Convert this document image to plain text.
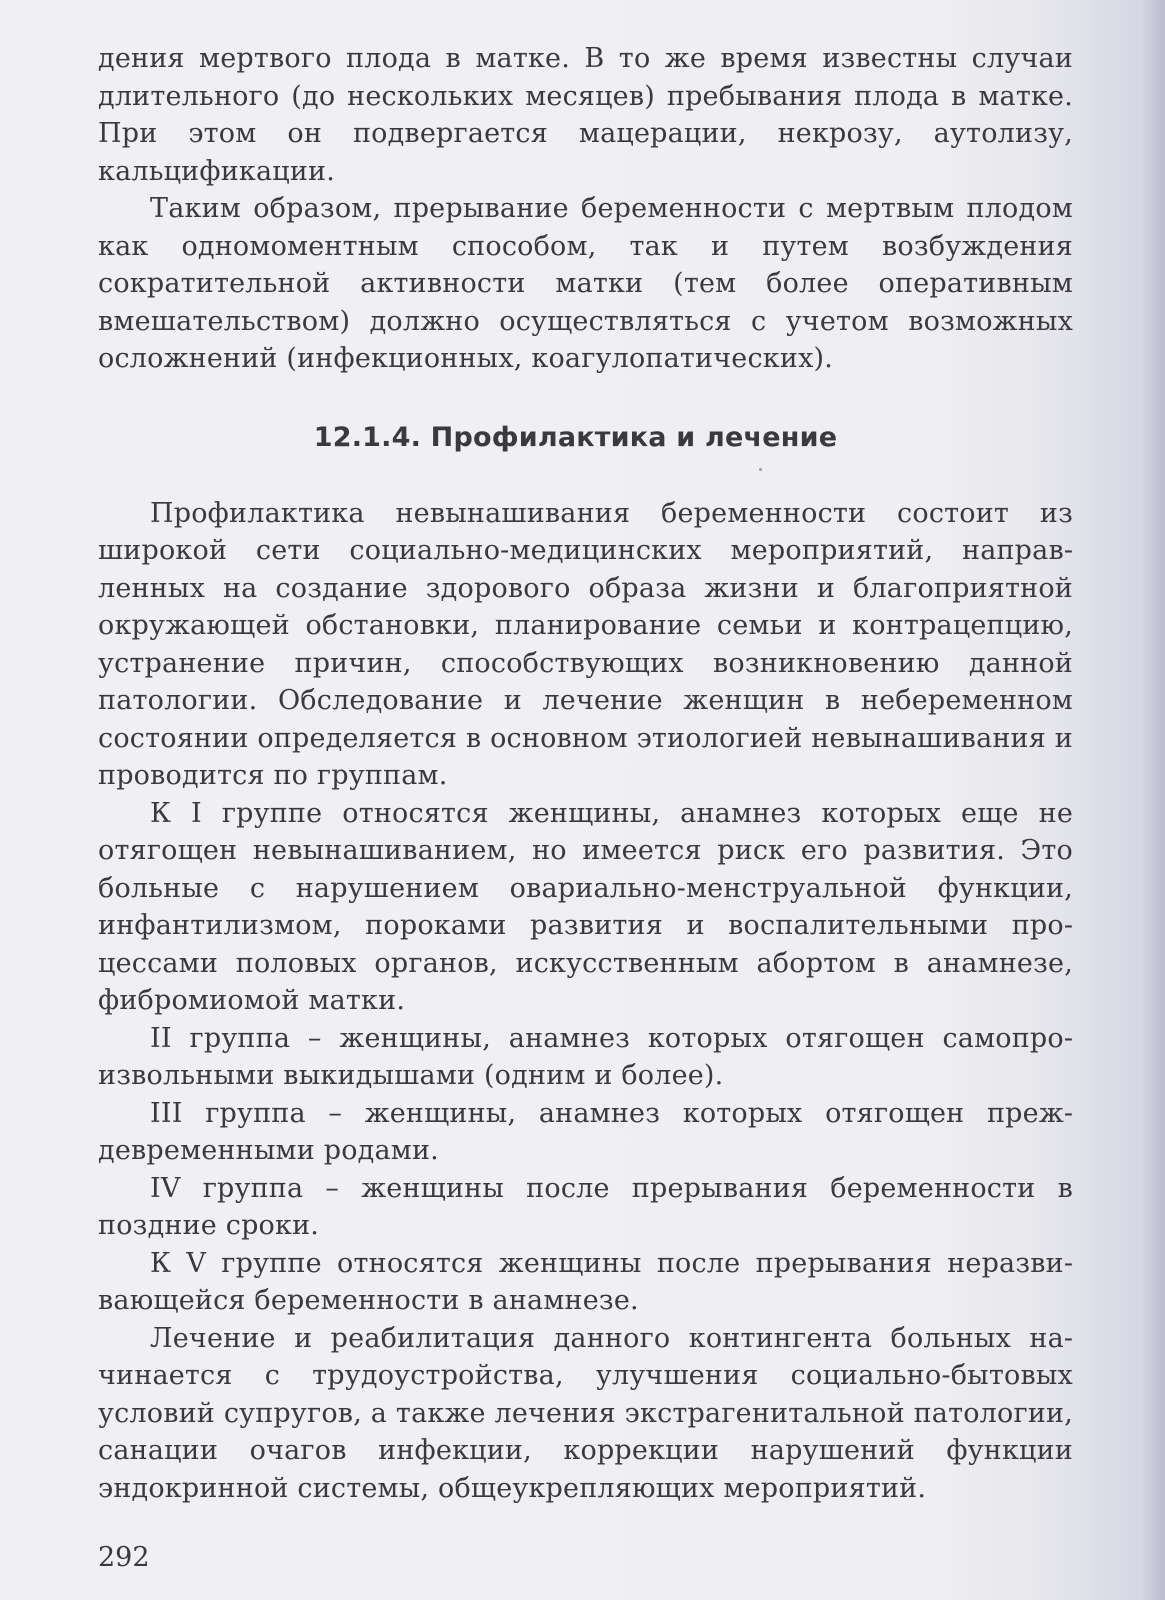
дения мертвого плода в матке. В то же время известны случаи длительного (до нескольких месяцев) пребывания плода в матке. При этом он подвергается мацерации, некрозу, аутолизу, кальцификации.

Таким образом, прерывание беременности с мертвым плодом как одномоментным способом, так и путем возбуждения сократительной активности матки (тем более оперативным вмешательством) должно осуществляться с учетом возможных осложнений (инфекционных, коагулопатических).

12.1.4. Профилактика и лечение

Профилактика невынашивания беременности состоит из широкой сети социально-медицинских мероприятий, направленных на создание здорового образа жизни и благоприятной окружающей обстановки, планирование семьи и контрацепцию, устранение причин, способствующих возникновению данной патологии. Обследование и лечение женщин в небеременном состоянии определяется в основном этиологией невынашивания и проводится по группам.

К I группе относятся женщины, анамнез которых еще не отягощен невынашиванием, но имеется риск его развития. Это больные с нарушением овариально-менструальной функции, инфантилизмом, пороками развития и воспалительными процессами половых органов, искусственным абортом в анамнезе, фибромиомой матки.

II группа – женщины, анамнез которых отягощен самопроизвольными выкидышами (одним и более).

III группа – женщины, анамнез которых отягощен преждевременными родами.

IV группа – женщины после прерывания беременности в поздние сроки.

К V группе относятся женщины после прерывания неразвивающейся беременности в анамнезе.

Лечение и реабилитация данного контингента больных начинается с трудоустройства, улучшения социально-бытовых условий супругов, а также лечения экстрагенитальной патологии, санации очагов инфекции, коррекции нарушений функции эндокринной системы, общеукрепляющих мероприятий.

292
